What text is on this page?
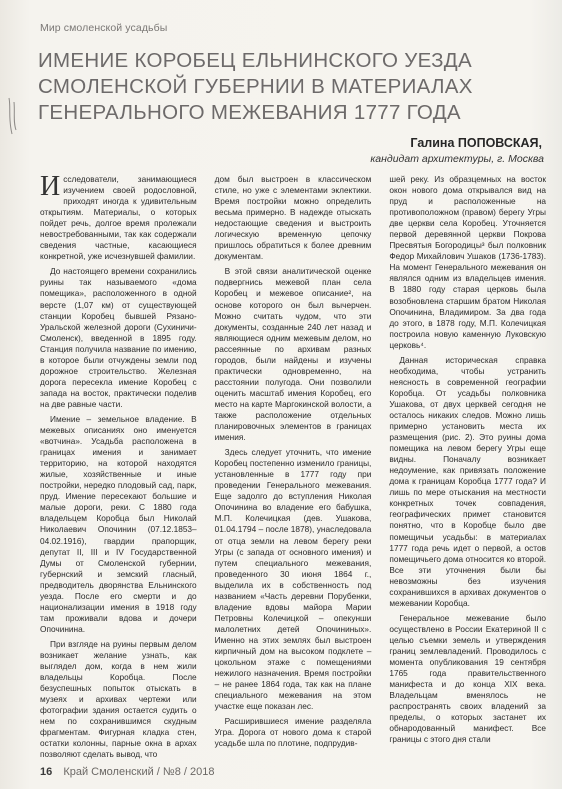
Мир смоленской усадьбы
ИМЕНИЕ КОРОБЕЦ ЕЛЬНИНСКОГО УЕЗДА
СМОЛЕНСКОЙ ГУБЕРНИИ В МАТЕРИАЛАХ
ГЕНЕРАЛЬНОГО МЕЖЕВАНИЯ 1777 ГОДА
Галина ПОПОВСКАЯ,
кандидат архитектуры, г. Москва

Исследователи, занимающиеся изучением своей родословной, приходят иногда к удивительным открытиям. Материалы, о которых пойдет речь, долгое время пролежали невостребованными, так как содержали сведения частные, касающиеся конкретной, уже исчезнувшей фамилии.

До настоящего времени сохранились руины так называемого «дома помещика», расположенного в одной версте (1,07 км) от существующей станции Коробец бывшей Рязано-Уральской железной дороги (Сухиничи-Смоленск), введенной в 1895 году. Станция получила название по имению, в которое были отчуждены земли под дорожное строительство. Железная дорога пересекла имение Коробец с запада на восток, практически поделив на две равные части.

Имение – земельное владение. В межевых описаниях оно именуется «вотчина». Усадьба расположена в границах имения и занимает территорию, на которой находятся жилые, хозяйственные и иные постройки, нередко плодовый сад, парк, пруд. Имение пересекают большие и малые дороги, реки. С 1880 года владельцем Коробца был Николай Николаевич Опочинин (07.12.1853–04.02.1916), гвардии прапорщик, депутат II, III и IV Государственной Думы от Смоленской губернии, губернский и земский гласный, предводитель дворянства Ельнинского уезда. После его смерти и до национализации имения в 1918 году там проживали вдова и дочери Опочинина.

При взгляде на руины первым делом возникает желание узнать, как выглядел дом, когда в нем жили владельцы Коробца. После безуспешных попыток отыскать в музеях и архивах чертежи или фотографии здания остается судить о нем по сохранившимся скудным фрагментам. Фигурная кладка стен, остатки колонны, парные окна в архах позволяют сделать вывод, что

дом был выстроен в классическом стиле, но уже с элементами эклектики. Время постройки можно определить весьма примерно. В надежде отыскать недостающие сведения и выстроить логическую временную цепочку пришлось обратиться к более древним документам.

В этой связи аналитической оценке подвергнись межевой план села Коробец и межевое описание², на основе которого он был вычерчен. Можно считать чудом, что эти документы, созданные 240 лет назад и являющиеся одним межевым делом, но рассеянные по архивам разных городов, были найдены и изучены практически одновременно, на расстоянии полугода. Они позволили оценить масштаб имения Коробец, его место на карте Маргокинской волости, а также расположение отдельных планировочных элементов в границах имения.

Здесь следует уточнить, что имение Коробец постепенно изменило границы, установленные в 1777 году при проведении Генерального межевания. Еще задолго до вступления Николая Опочинина во владение его бабушка, М.П. Колечицкая (дев. Ушакова, 01.04.1794 – после 1878), унаследовала от отца земли на левом берегу реки Угры (с запада от основного имения) и путем специального межевания, проведенного 30 июня 1864 г., выделила их в собственность под названием «Часть деревни Порубенки, владение вдовы майора Марии Петровны Колечицкой – опекунши малолетних детей Опочининых». Именно на этих землях был выстроен кирпичный дом на высоком подклете – цокольном этаже с помещениями нежилого назначения. Время постройки – не ранее 1864 года, так как на плане специального межевания на этом участке еще показан лес.

Расширившиеся имение разделяла Угра. Дорога от нового дома к старой усадьбе шла по плотине, подпрудив-

шей реку. Из образцемных на восток окон нового дома открывался вид на пруд и расположенные на противоположном (правом) берегу Угры две церкви села Коробец. Уточняется первой деревянной церкви Покрова Пресвятыя Богородицы³ был полковник Федор Михайлович Ушаков (1736-1783). На момент Генерального межевания он являлся одним из владельцев имения. В 1880 году старая церковь была возобновлена старшим братом Николая Опочинина, Владимиром. За два года до этого, в 1878 году, М.П. Колечицкая построила новую каменную Луковскую церковь⁴.

Данная историческая справка необходима, чтобы устранить неясность в современной географии Коробца. От усадьбы полковника Ушакова, от двух церквей сегодня не осталось никаких следов. Можно лишь примерно установить места их размещения (рис. 2). Это руины дома помещика на левом берегу Угры еще видны. Поначалу возникает недоумение, как привязать положение дома к границам Коробца 1777 года? И лишь по мере отыскания на местности конкретных точек совпадения, географических примет становится понятно, что в Коробце было две помещичьи усадьбы: в материалах 1777 года речь идет о первой, а остов помещичьего дома относится ко второй. Все эти уточнения были бы невозможны без изучения сохранившихся в архивах документов о межевании Коробца.

Генеральное межевание было осуществлено в России Екатериной II с целью съемки земель и утверждения границ землевладений. Проводилось с момента опубликования 19 сентября 1765 года правительственного манифеста и до конца XIX века. Владельцам вменялось не распространять своих владений за пределы, о которых застанет их обнародованный манифест. Все границы с этого дня стали

16 Край Смоленский / №8 / 2018
